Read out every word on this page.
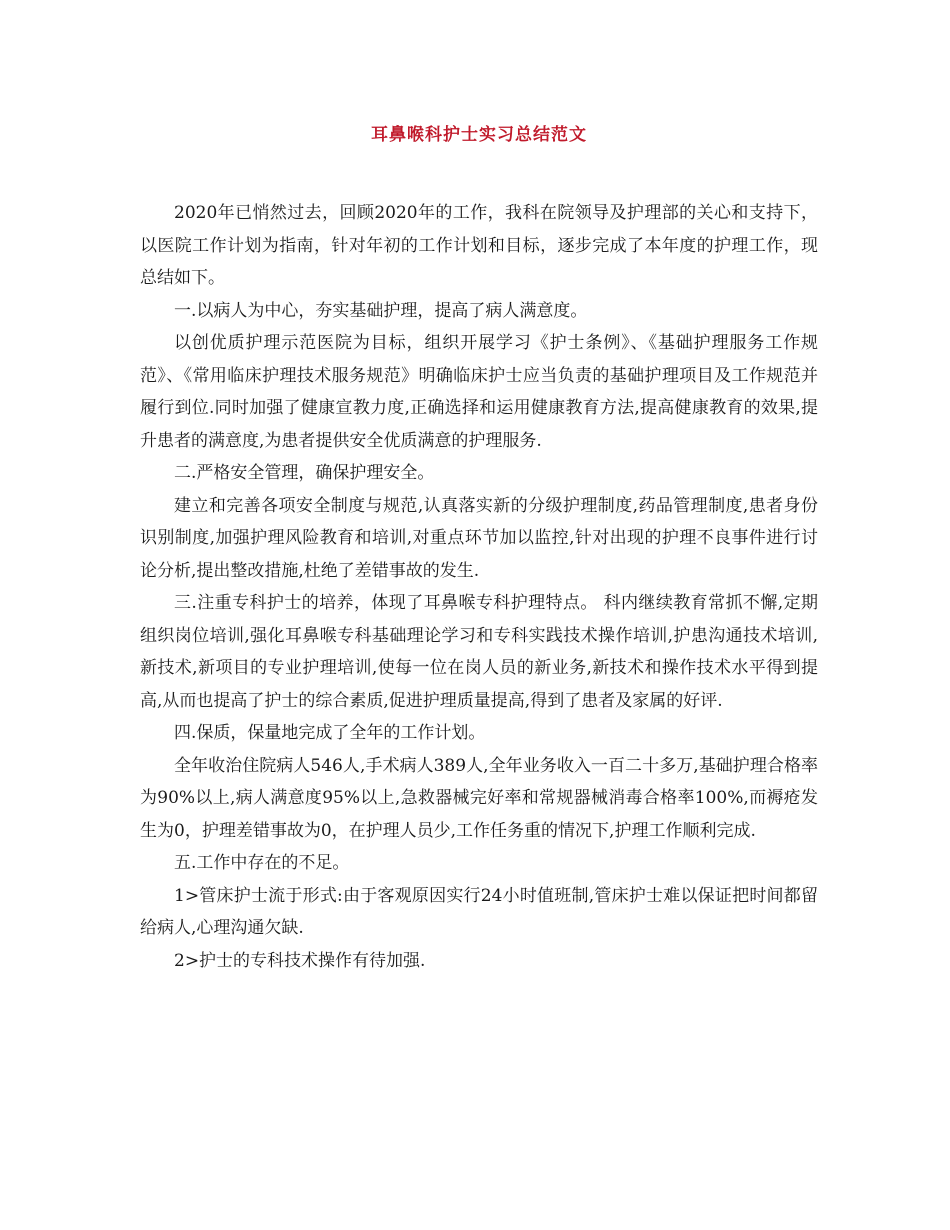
耳鼻喉科护士实习总结范文

2020年已悄然过去，回顾2020年的工作，我科在院领导及护理部的关心和支持下，以医院工作计划为指南，针对年初的工作计划和目标，逐步完成了本年度的护理工作，现总结如下。

一.以病人为中心，夯实基础护理，提高了病人满意度。

以创优质护理示范医院为目标，组织开展学习《护士条例》、《基础护理服务工作规范》、《常用临床护理技术服务规范》明确临床护士应当负责的基础护理项目及工作规范并履行到位.同时加强了健康宣教力度,正确选择和运用健康教育方法,提高健康教育的效果,提升患者的满意度,为患者提供安全优质满意的护理服务.

二.严格安全管理，确保护理安全。

建立和完善各项安全制度与规范,认真落实新的分级护理制度,药品管理制度,患者身份识别制度,加强护理风险教育和培训,对重点环节加以监控,针对出现的护理不良事件进行讨论分析,提出整改措施,杜绝了差错事故的发生.

三.注重专科护士的培养，体现了耳鼻喉专科护理特点。 科内继续教育常抓不懈,定期组织岗位培训,强化耳鼻喉专科基础理论学习和专科实践技术操作培训,护患沟通技术培训,新技术,新项目的专业护理培训,使每一位在岗人员的新业务,新技术和操作技术水平得到提高,从而也提高了护士的综合素质,促进护理质量提高,得到了患者及家属的好评.

四.保质，保量地完成了全年的工作计划。

全年收治住院病人546人,手术病人389人,全年业务收入一百二十多万,基础护理合格率为90%以上,病人满意度95%以上,急救器械完好率和常规器械消毒合格率100%,而褥疮发生为0，护理差错事故为0，在护理人员少,工作任务重的情况下,护理工作顺利完成.

五.工作中存在的不足。

1>管床护士流于形式:由于客观原因实行24小时值班制,管床护士难以保证把时间都留给病人,心理沟通欠缺.

2>护士的专科技术操作有待加强.
